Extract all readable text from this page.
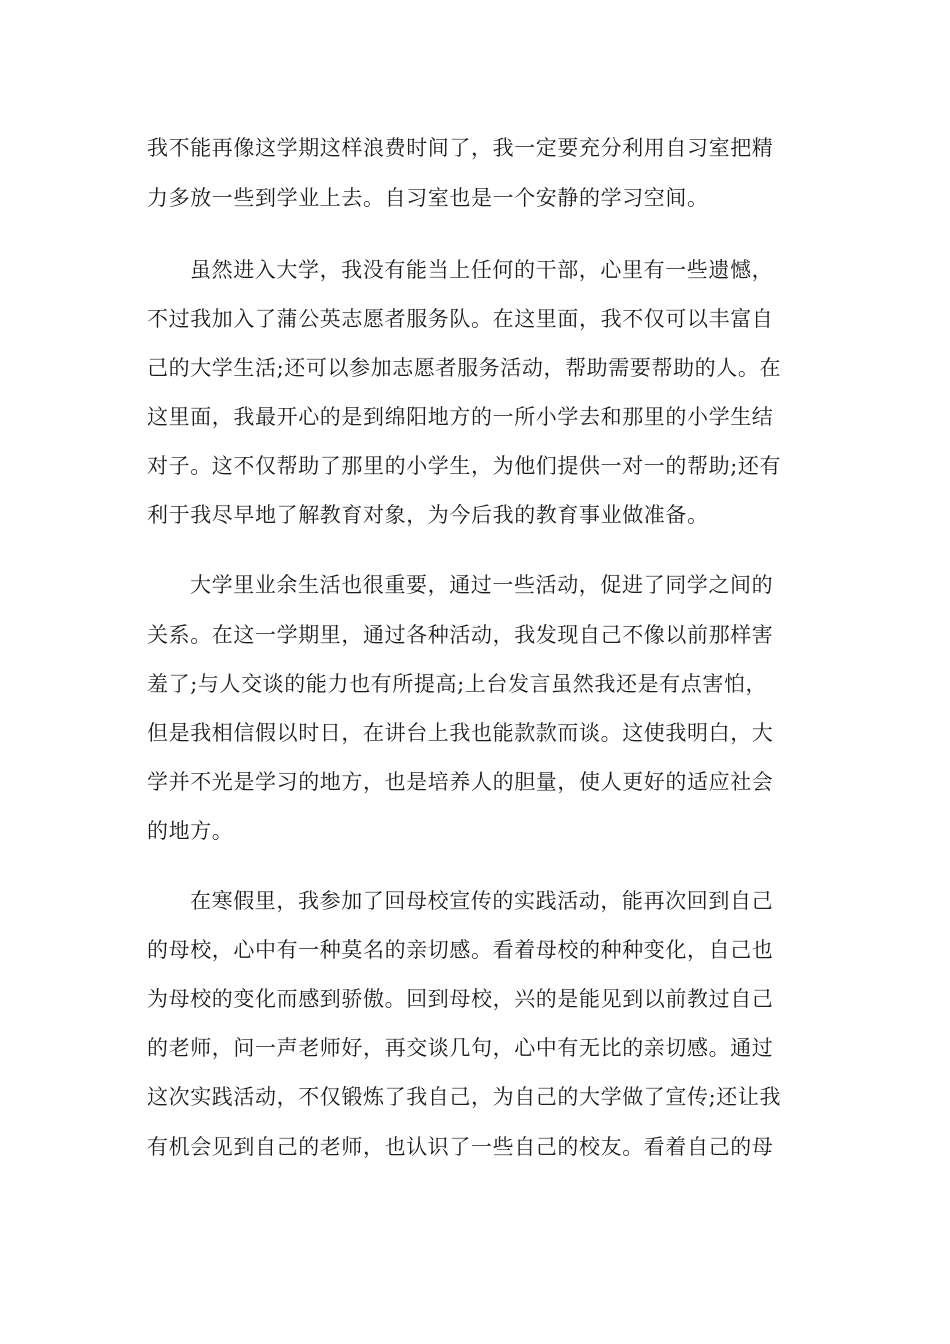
我不能再像这学期这样浪费时间了，我一定要充分利用自习室把精

力多放一些到学业上去。自习室也是一个安静的学习空间。

虽然进入大学，我没有能当上任何的干部，心里有一些遗憾，

不过我加入了蒲公英志愿者服务队。在这里面，我不仅可以丰富自

己的大学生活;还可以参加志愿者服务活动，帮助需要帮助的人。在

这里面，我最开心的是到绵阳地方的一所小学去和那里的小学生结

对子。这不仅帮助了那里的小学生，为他们提供一对一的帮助;还有

利于我尽早地了解教育对象，为今后我的教育事业做准备。

大学里业余生活也很重要，通过一些活动，促进了同学之间的

关系。在这一学期里，通过各种活动，我发现自己不像以前那样害

羞了;与人交谈的能力也有所提高;上台发言虽然我还是有点害怕，

但是我相信假以时日，在讲台上我也能款款而谈。这使我明白，大

学并不光是学习的地方，也是培养人的胆量，使人更好的适应社会

的地方。

在寒假里，我参加了回母校宣传的实践活动，能再次回到自己

的母校，心中有一种莫名的亲切感。看着母校的种种变化，自己也

为母校的变化而感到骄傲。回到母校，兴的是能见到以前教过自己

的老师，问一声老师好，再交谈几句，心中有无比的亲切感。通过

这次实践活动，不仅锻炼了我自己，为自己的大学做了宣传;还让我

有机会见到自己的老师，也认识了一些自己的校友。看着自己的母
